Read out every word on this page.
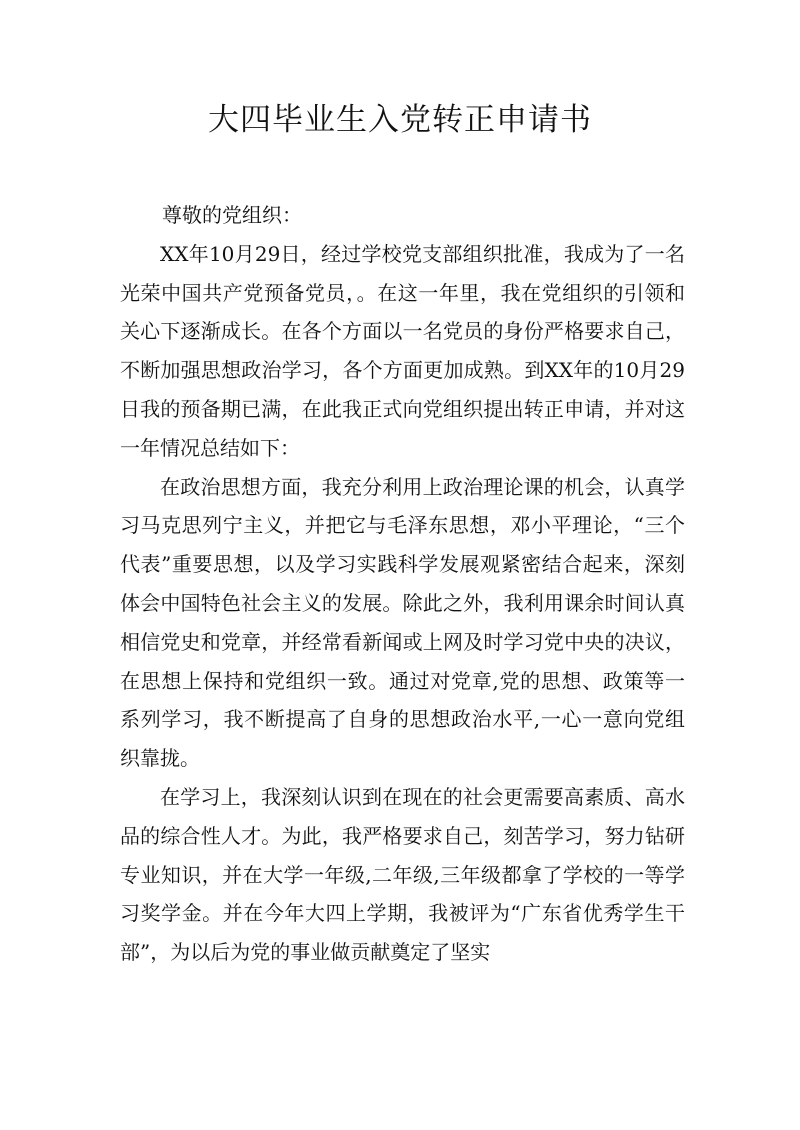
大四毕业生入党转正申请书

尊敬的党组织：

XX年10月29日，经过学校党支部组织批准，我成为了一名光荣中国共产党预备党员，。在这一年里，我在党组织的引领和关心下逐渐成长。在各个方面以一名党员的身份严格要求自己，不断加强思想政治学习，各个方面更加成熟。到XX年的10月29日我的预备期已满，在此我正式向党组织提出转正申请，并对这一年情况总结如下：

在政治思想方面，我充分利用上政治理论课的机会，认真学习马克思列宁主义，并把它与毛泽东思想，邓小平理论，“三个代表”重要思想，以及学习实践科学发展观紧密结合起来，深刻体会中国特色社会主义的发展。除此之外，我利用课余时间认真相信党史和党章，并经常看新闻或上网及时学习党中央的决议，在思想上保持和党组织一致。通过对党章,党的思想、政策等一系列学习，我不断提高了自身的思想政治水平,一心一意向党组织靠拢。

在学习上，我深刻认识到在现在的社会更需要高素质、高水品的综合性人才。为此，我严格要求自己，刻苦学习，努力钻研专业知识，并在大学一年级,二年级,三年级都拿了学校的一等学习奖学金。并在今年大四上学期，我被评为“广东省优秀学生干部”，为以后为党的事业做贡献奠定了坚实
